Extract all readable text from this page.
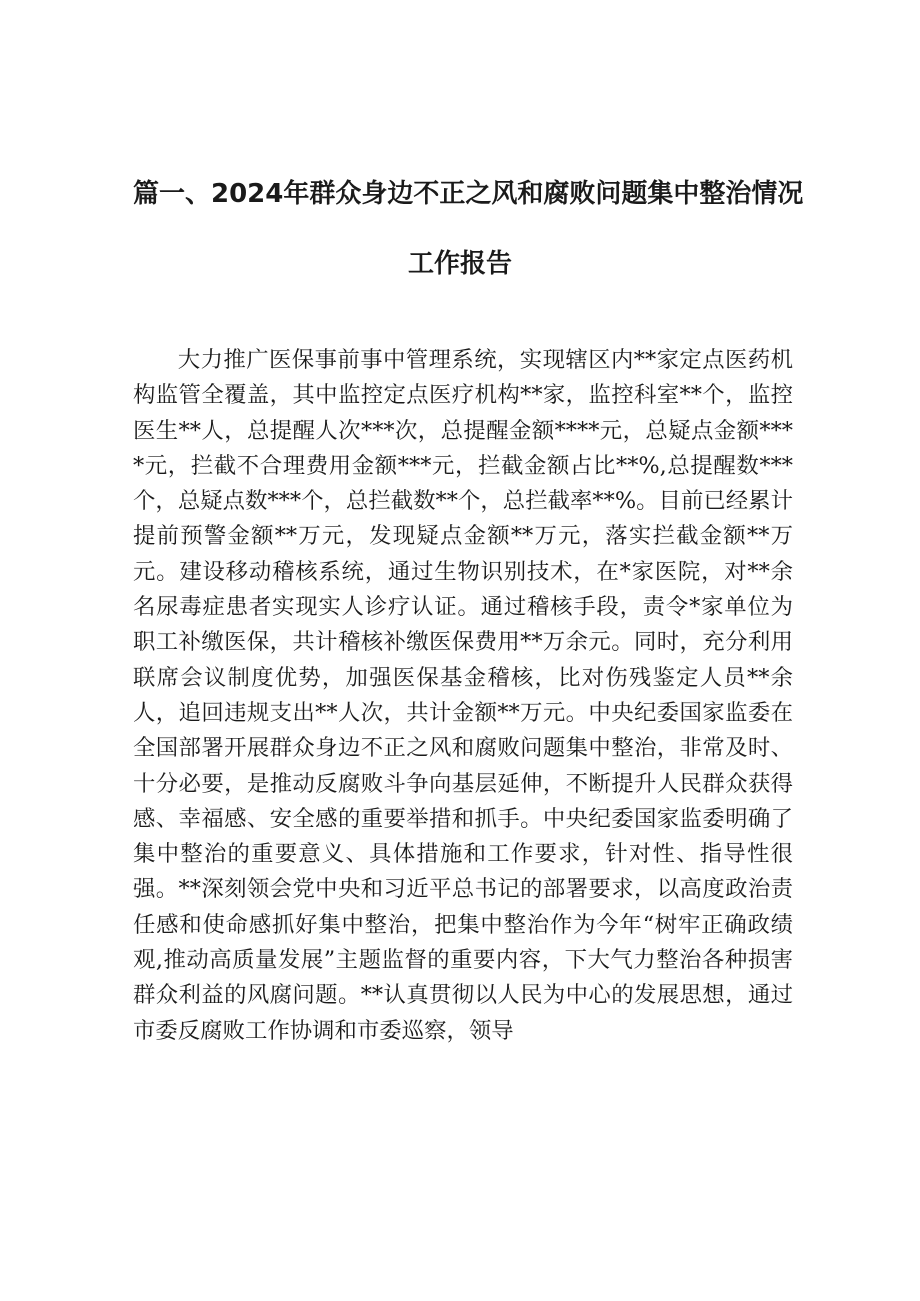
篇一、2024年群众身边不正之风和腐败问题集中整治情况
工作报告

大力推广医保事前事中管理系统，实现辖区内**家定点医药机构监管全覆盖，其中监控定点医疗机构**家，监控科室**个，监控医生**人，总提醒人次***次，总提醒金额****元，总疑点金额****元，拦截不合理费用金额***元，拦截金额占比**%,总提醒数***个，总疑点数***个，总拦截数**个，总拦截率**%。目前已经累计提前预警金额**万元，发现疑点金额**万元，落实拦截金额**万元。建设移动稽核系统，通过生物识别技术，在*家医院，对**余名尿毒症患者实现实人诊疗认证。通过稽核手段，责令*家单位为职工补缴医保，共计稽核补缴医保费用**万余元。同时，充分利用联席会议制度优势，加强医保基金稽核，比对伤残鉴定人员**余人，追回违规支出**人次，共计金额**万元。中央纪委国家监委在全国部署开展群众身边不正之风和腐败问题集中整治，非常及时、十分必要，是推动反腐败斗争向基层延伸，不断提升人民群众获得感、幸福感、安全感的重要举措和抓手。中央纪委国家监委明确了集中整治的重要意义、具体措施和工作要求，针对性、指导性很强。**深刻领会党中央和习近平总书记的部署要求，以高度政治责任感和使命感抓好集中整治，把集中整治作为今年“树牢正确政绩观,推动高质量发展”主题监督的重要内容，下大气力整治各种损害群众利益的风腐问题。**认真贯彻以人民为中心的发展思想，通过市委反腐败工作协调和市委巡察，领导
